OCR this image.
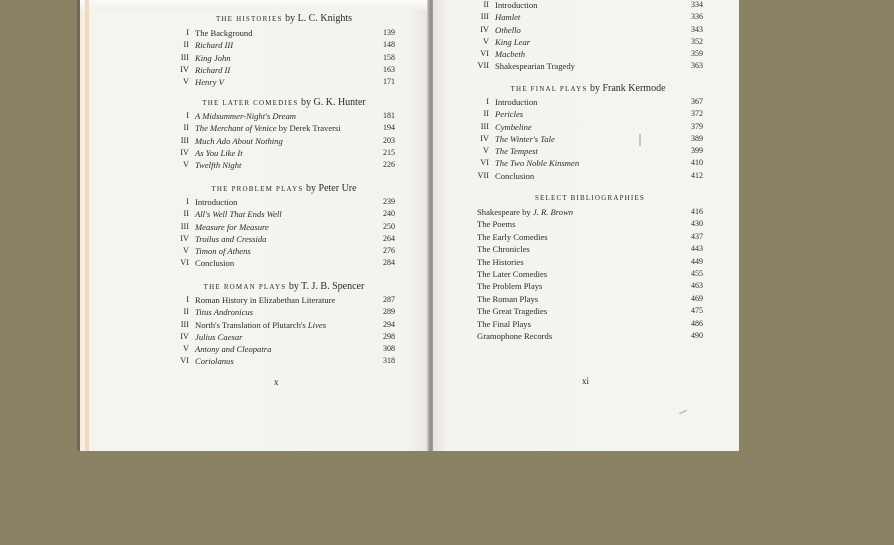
THE HISTORIES by L. C. Knights
I The Background	139
II Richard III	148
III King John	158
IV Richard II	163
V Henry V	171
THE LATER COMEDIES by G. K. Hunter
I A Midsummer-Night's Dream	181
II The Merchant of Venice by Derek Traversi	194
III Much Ado About Nothing	203
IV As You Like It	215
V Twelfth Night	226
THE PROBLEM PLAYS by Peter Ure
I Introduction	239
II All's Well That Ends Well	240
III Measure for Measure	250
IV Troilus and Cressida	264
V Timon of Athens	276
VI Conclusion	284
THE ROMAN PLAYS by T. J. B. Spencer
I Roman History in Elizabethan Literature	287
II Titus Andronicus	289
III North's Translation of Plutarch's Lives	294
IV Julius Caesar	298
V Antony and Cleopatra	308
VI Coriolanus	318
x
II Introduction	334
III Hamlet	336
IV Othello	343
V King Lear	352
VI Macbeth	359
VII Shakespearian Tragedy	363
THE FINAL PLAYS by Frank Kermode
I Introduction	367
II Pericles	372
III Cymbeline	379
IV The Winter's Tale	389
V The Tempest	399
VI The Two Noble Kinsmen	410
VII Conclusion	412
SELECT BIBLIOGRAPHIES
Shakespeare by J. R. Brown	416
The Poems	430
The Early Comedies	437
The Chronicles	443
The Histories	449
The Later Comedies	455
The Problem Plays	463
The Roman Plays	469
The Great Tragedies	475
The Final Plays	486
Gramophone Records	490
xi
